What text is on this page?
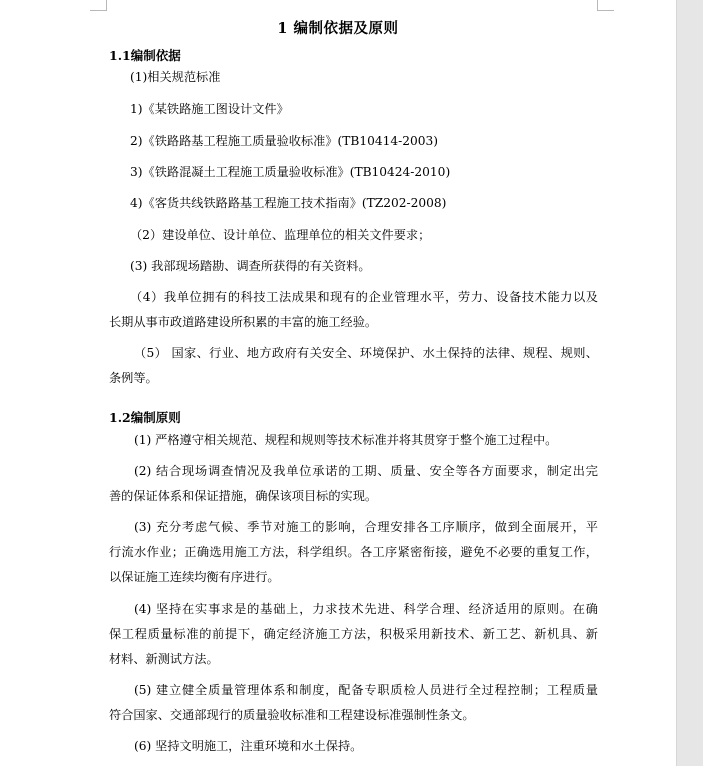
1 编制依据及原则
1.1编制依据
(1)相关规范标准
1)《某铁路施工图设计文件》
2)《铁路路基工程施工质量验收标准》(TB10414-2003)
3)《铁路混凝土工程施工质量验收标准》(TB10424-2010)
4)《客货共线铁路路基工程施工技术指南》(TZ202-2008)
（2）建设单位、设计单位、监理单位的相关文件要求；
(3) 我部现场踏勘、调查所获得的有关资料。
（4）我单位拥有的科技工法成果和现有的企业管理水平，劳力、设备技术能力以及
长期从事市政道路建设所积累的丰富的施工经验。
（5） 国家、行业、地方政府有关安全、环境保护、水土保持的法律、规程、规则、
条例等。
1.2编制原则
(1) 严格遵守相关规范、规程和规则等技术标准并将其贯穿于整个施工过程中。
(2) 结合现场调查情况及我单位承诺的工期、质量、安全等各方面要求，制定出完
善的保证体系和保证措施，确保该项目标的实现。
(3) 充分考虑气候、季节对施工的影响，合理安排各工序顺序，做到全面展开，平
行流水作业；正确选用施工方法，科学组织。各工序紧密衔接，避免不必要的重复工作，
以保证施工连续均衡有序进行。
(4) 坚持在实事求是的基础上，力求技术先进、科学合理、经济适用的原则。在确
保工程质量标准的前提下，确定经济施工方法，积极采用新技术、新工艺、新机具、新
材料、新测试方法。
(5) 建立健全质量管理体系和制度，配备专职质检人员进行全过程控制；工程质量
符合国家、交通部现行的质量验收标准和工程建设标准强制性条文。
(6) 坚持文明施工，注重环境和水土保持。
